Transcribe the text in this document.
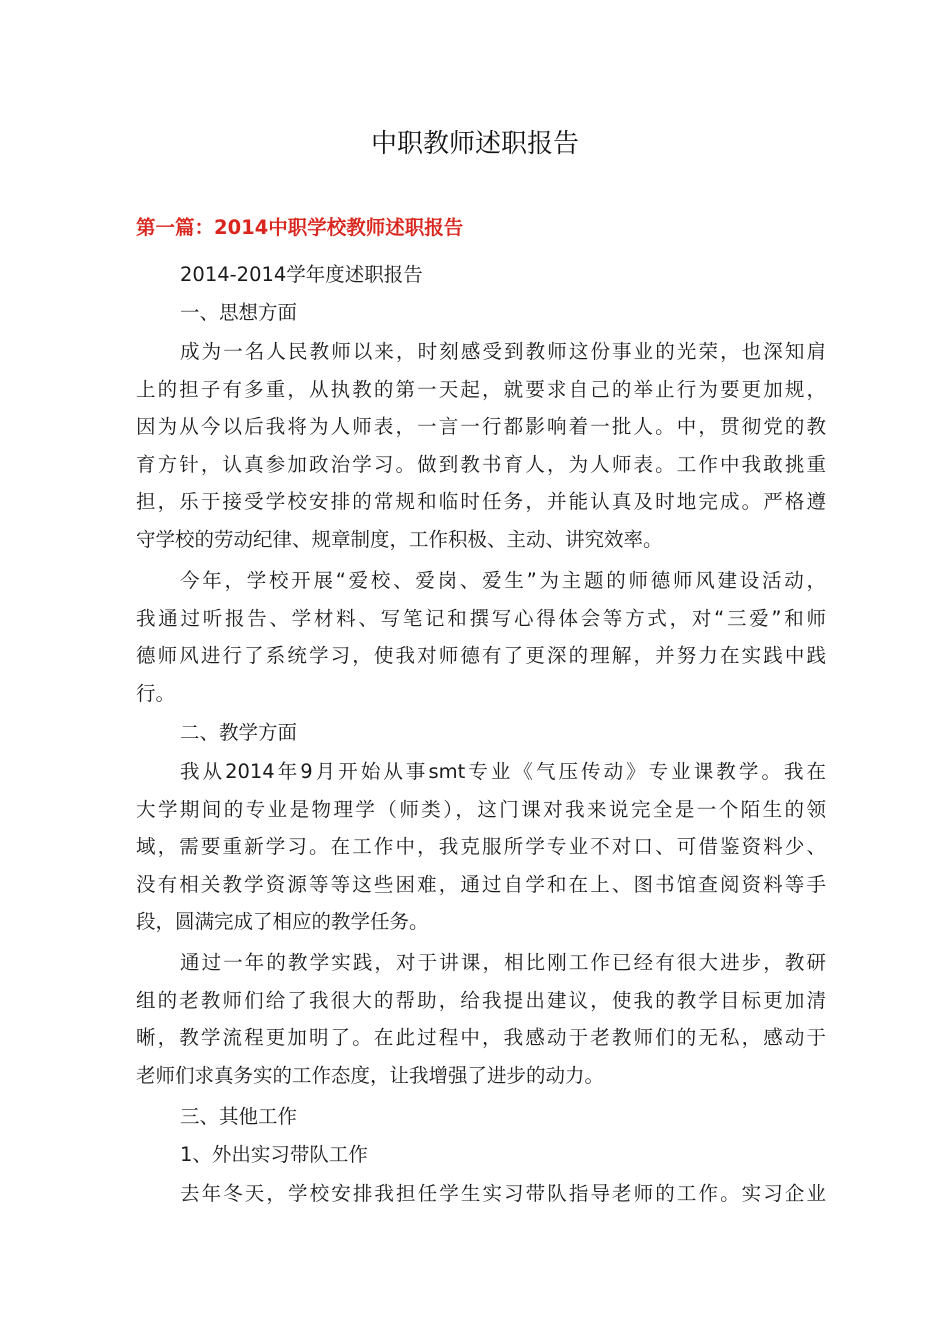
中职教师述职报告
第一篇：2014中职学校教师述职报告
2014-2014学年度述职报告
一、思想方面
成为一名人民教师以来，时刻感受到教师这份事业的光荣，也深知肩
上的担子有多重，从执教的第一天起，就要求自己的举止行为要更加规，
因为从今以后我将为人师表，一言一行都影响着一批人。中，贯彻党的教
育方针，认真参加政治学习。做到教书育人，为人师表。工作中我敢挑重
担，乐于接受学校安排的常规和临时任务，并能认真及时地完成。严格遵
守学校的劳动纪律、规章制度，工作积极、主动、讲究效率。
今年，学校开展“爱校、爱岗、爱生”为主题的师德师风建设活动，
我通过听报告、学材料、写笔记和撰写心得体会等方式，对“三爱”和师
德师风进行了系统学习，使我对师德有了更深的理解，并努力在实践中践
行。
二、教学方面
我从2014年9月开始从事smt专业《气压传动》专业课教学。我在
大学期间的专业是物理学（师类），这门课对我来说完全是一个陌生的领
域，需要重新学习。在工作中，我克服所学专业不对口、可借鉴资料少、
没有相关教学资源等等这些困难，通过自学和在上、图书馆查阅资料等手
段，圆满完成了相应的教学任务。
通过一年的教学实践，对于讲课，相比刚工作已经有很大进步，教研
组的老教师们给了我很大的帮助，给我提出建议，使我的教学目标更加清
晰，教学流程更加明了。在此过程中，我感动于老教师们的无私，感动于
老师们求真务实的工作态度，让我增强了进步的动力。
三、其他工作
1、外出实习带队工作
去年冬天，学校安排我担任学生实习带队指导老师的工作。实习企业
